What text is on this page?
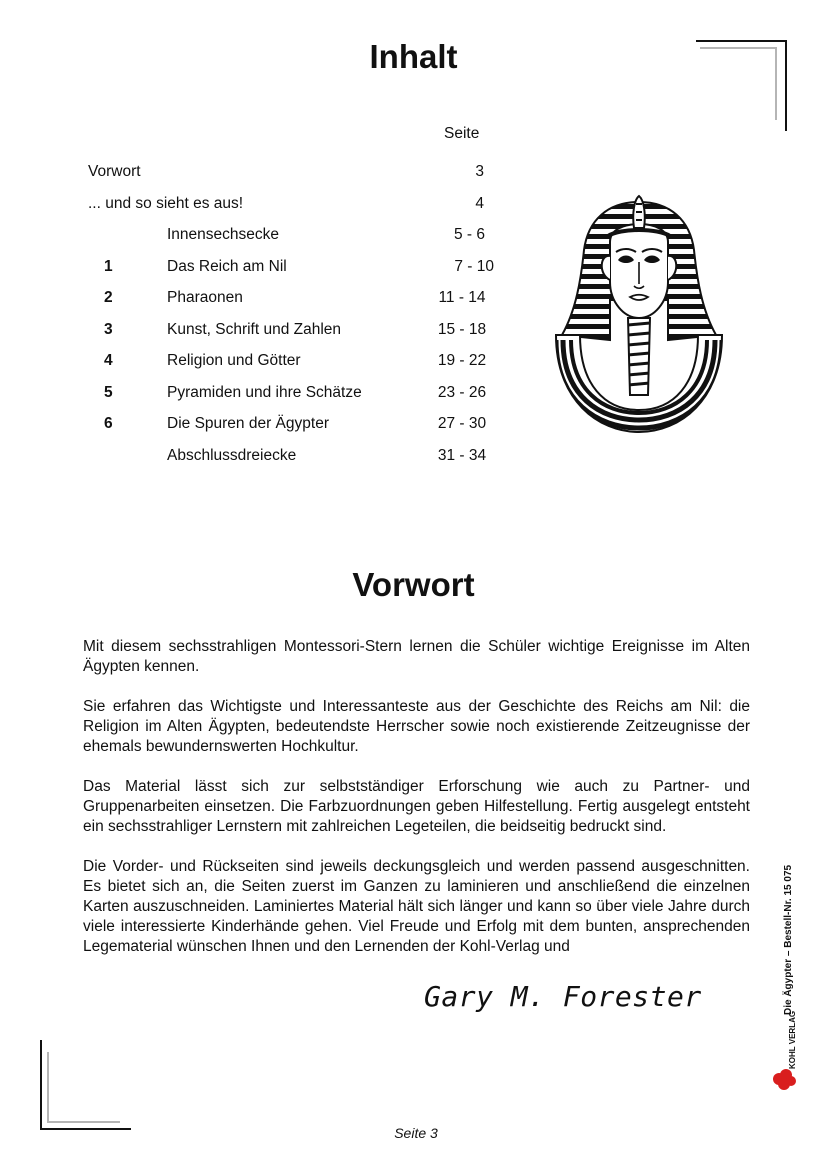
Inhalt
Seite
Vorwort	3
... und so sieht es aus!	4
Innensechsecke	5 - 6
1	Das Reich am Nil	7 - 10
2	Pharaonen	11 - 14
3	Kunst, Schrift und Zahlen	15 - 18
4	Religion und Götter	19 - 22
5	Pyramiden und ihre Schätze	23 - 26
6	Die Spuren der Ägypter	27 - 30
Abschlussdreiecke	31 - 34
Vorwort
Mit diesem sechsstrahligen Montessori-Stern lernen die Schüler wichtige Ereignisse im Alten Ägypten kennen.
Sie erfahren das Wichtigste und Interessanteste aus der Geschichte des Reichs am Nil: die Religion im Alten Ägypten, bedeutendste Herrscher sowie noch existierende Zeitzeugnisse der ehemals bewundernswerten Hochkultur.
Das Material lässt sich zur selbstständiger Erforschung wie auch zu Partner- und Gruppenarbeiten einsetzen. Die Farbzuordnungen geben Hilfestellung. Fertig ausgelegt entsteht ein sechsstrahliger Lernstern mit zahlreichen Legeteilen, die beidseitig bedruckt sind.
Die Vorder- und Rückseiten sind jeweils deckungsgleich und werden passend ausgeschnitten. Es bietet sich an, die Seiten zuerst im Ganzen zu laminieren und anschließend die einzelnen Karten auszuschneiden. Laminiertes Material hält sich länger und kann so über viele Jahre durch viele interessierte Kinderhände gehen. Viel Freude und Erfolg mit dem bunten, ansprechenden Legematerial wünschen Ihnen und den Lernenden der Kohl-Verlag und
Gary M. Forester
Seite 3
Die Ägypter – Bestell-Nr. 15 075
KOHL VERLAG
